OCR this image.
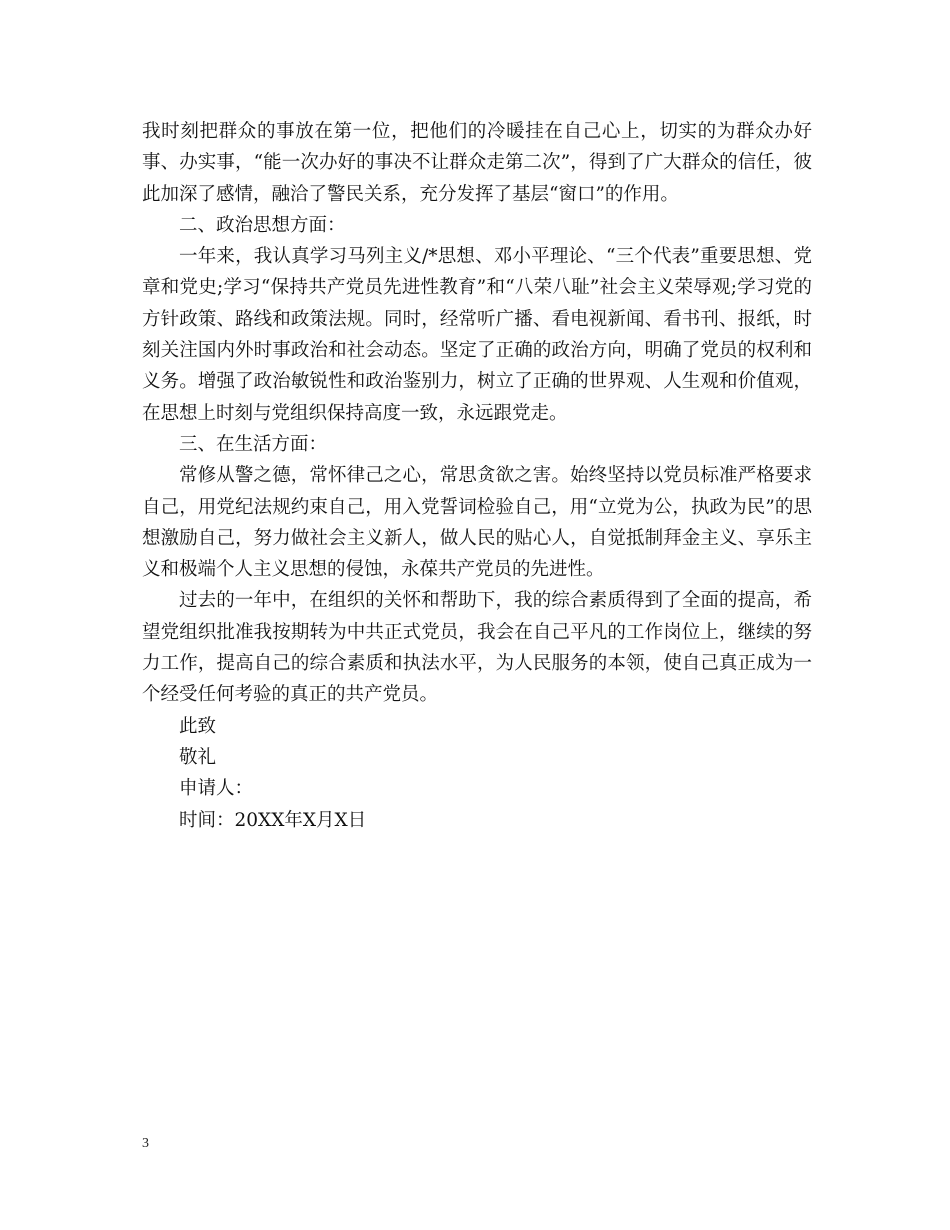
我时刻把群众的事放在第一位，把他们的冷暖挂在自己心上，切实的为群众办好事、办实事，“能一次办好的事决不让群众走第二次”，得到了广大群众的信任，彼此加深了感情，融洽了警民关系，充分发挥了基层“窗口”的作用。

二、政治思想方面：

一年来，我认真学习马列主义/*思想、邓小平理论、“三个代表”重要思想、党章和党史;学习“保持共产党员先进性教育”和“八荣八耻”社会主义荣辱观;学习党的方针政策、路线和政策法规。同时，经常听广播、看电视新闻、看书刊、报纸，时刻关注国内外时事政治和社会动态。坚定了正确的政治方向，明确了党员的权利和义务。增强了政治敏锐性和政治鉴别力，树立了正确的世界观、人生观和价值观，在思想上时刻与党组织保持高度一致，永远跟党走。

三、在生活方面：

常修从警之德，常怀律己之心，常思贪欲之害。始终坚持以党员标准严格要求自己，用党纪法规约束自己，用入党誓词检验自己，用“立党为公，执政为民”的思想激励自己，努力做社会主义新人，做人民的贴心人，自觉抵制拜金主义、享乐主义和极端个人主义思想的侵蚀，永葆共产党员的先进性。

过去的一年中，在组织的关怀和帮助下，我的综合素质得到了全面的提高，希望党组织批准我按期转为中共正式党员，我会在自己平凡的工作岗位上，继续的努力工作，提高自己的综合素质和执法水平，为人民服务的本领，使自己真正成为一个经受任何考验的真正的共产党员。

此致

敬礼

申请人：

时间：20XX年X月X日

3
